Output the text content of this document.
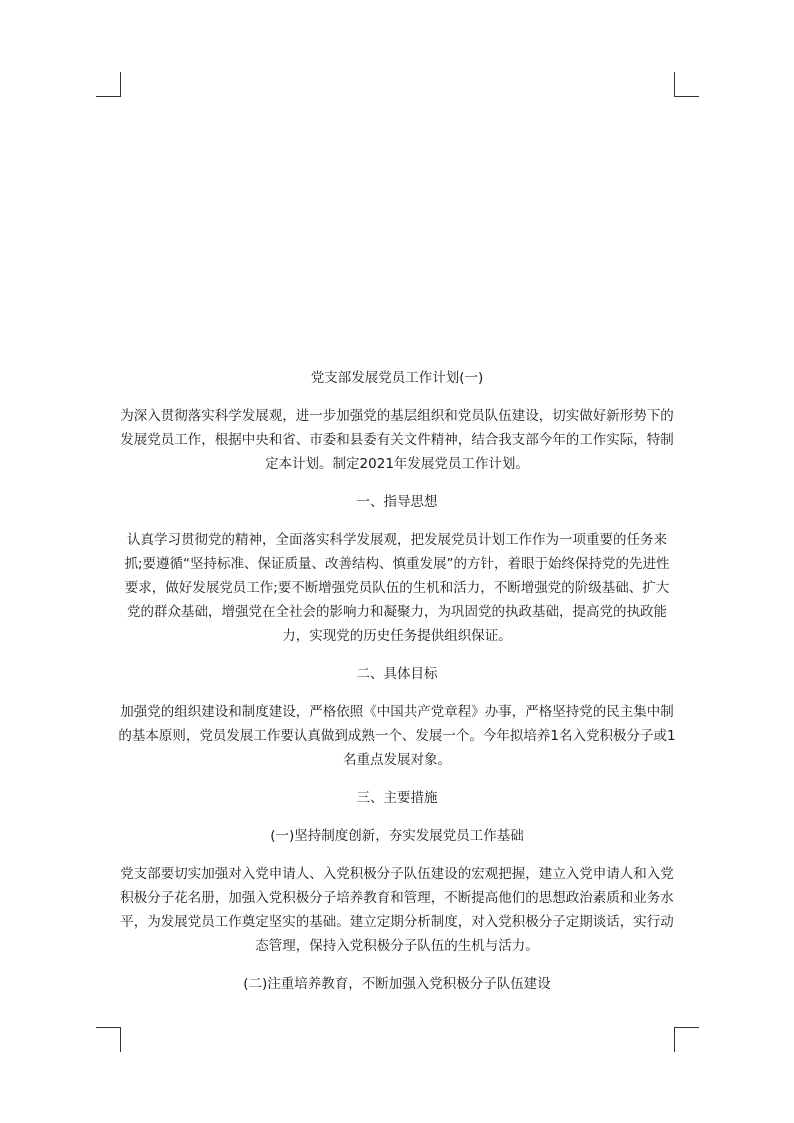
党支部发展党员工作计划(一)

为深入贯彻落实科学发展观，进一步加强党的基层组织和党员队伍建设，切实做好新形势下的发展党员工作，根据中央和省、市委和县委有关文件精神，结合我支部今年的工作实际，特制定本计划。制定2021年发展党员工作计划。

一、指导思想

认真学习贯彻党的精神，全面落实科学发展观，把发展党员计划工作作为一项重要的任务来抓;要遵循“坚持标准、保证质量、改善结构、慎重发展”的方针，着眼于始终保持党的先进性要求，做好发展党员工作;要不断增强党员队伍的生机和活力，不断增强党的阶级基础、扩大党的群众基础，增强党在全社会的影响力和凝聚力，为巩固党的执政基础，提高党的执政能力，实现党的历史任务提供组织保证。

二、具体目标

加强党的组织建设和制度建设，严格依照《中国共产党章程》办事，严格坚持党的民主集中制的基本原则，党员发展工作要认真做到成熟一个、发展一个。今年拟培养1名入党积极分子或1名重点发展对象。

三、主要措施

(一)坚持制度创新，夯实发展党员工作基础

党支部要切实加强对入党申请人、入党积极分子队伍建设的宏观把握，建立入党申请人和入党积极分子花名册，加强入党积极分子培养教育和管理，不断提高他们的思想政治素质和业务水平，为发展党员工作奠定坚实的基础。建立定期分析制度，对入党积极分子定期谈话，实行动态管理，保持入党积极分子队伍的生机与活力。

(二)注重培养教育，不断加强入党积极分子队伍建设
